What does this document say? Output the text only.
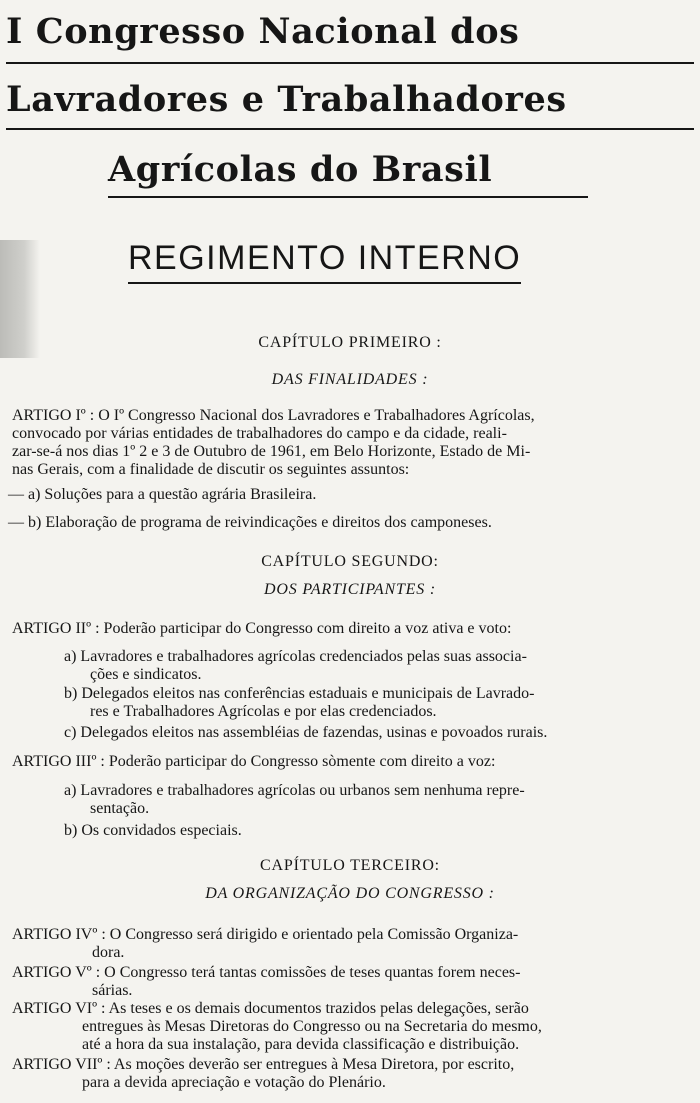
I Congresso Nacional dos
Lavradores e Trabalhadores
Agrícolas do Brasil
REGIMENTO INTERNO
CAPÍTULO PRIMEIRO :
DAS FINALIDADES :
ARTIGO Iº : O Iº Congresso Nacional dos Lavradores e Trabalhadores Agrícolas,
convocado por várias entidades de trabalhadores do campo e da cidade, reali-
zar-se-á nos dias 1º 2 e 3 de Outubro de 1961, em Belo Horizonte, Estado de Mi-
nas Gerais, com a finalidade de discutir os seguintes assuntos:
— a) Soluções para a questão agrária Brasileira.
— b) Elaboração de programa de reivindicações e direitos dos camponeses.
CAPÍTULO SEGUNDO:
DOS PARTICIPANTES :
ARTIGO IIº : Poderão participar do Congresso com direito a voz ativa e voto:
a) Lavradores e trabalhadores agrícolas credenciados pelas suas associa-
ções e sindicatos.
b) Delegados eleitos nas conferências estaduais e municipais de Lavrado-
res e Trabalhadores Agrícolas e por elas credenciados.
c) Delegados eleitos nas assembléias de fazendas, usinas e povoados rurais.
ARTIGO IIIº : Poderão participar do Congresso sòmente com direito a voz:
a) Lavradores e trabalhadores agrícolas ou urbanos sem nenhuma repre-
sentação.
b) Os convidados especiais.
CAPÍTULO TERCEIRO:
DA ORGANIZAÇÃO DO CONGRESSO :
ARTIGO IVº : O Congresso será dirigido e orientado pela Comissão Organiza-
dora.
ARTIGO Vº : O Congresso terá tantas comissões de teses quantas forem neces-
sárias.
ARTIGO VIº : As teses e os demais documentos trazidos pelas delegações, serão
entregues às Mesas Diretoras do Congresso ou na Secretaria do mesmo,
até a hora da sua instalação, para devida classificação e distribuição.
ARTIGO VIIº : As moções deverão ser entregues à Mesa Diretora, por escrito,
para a devida apreciação e votação do Plenário.
